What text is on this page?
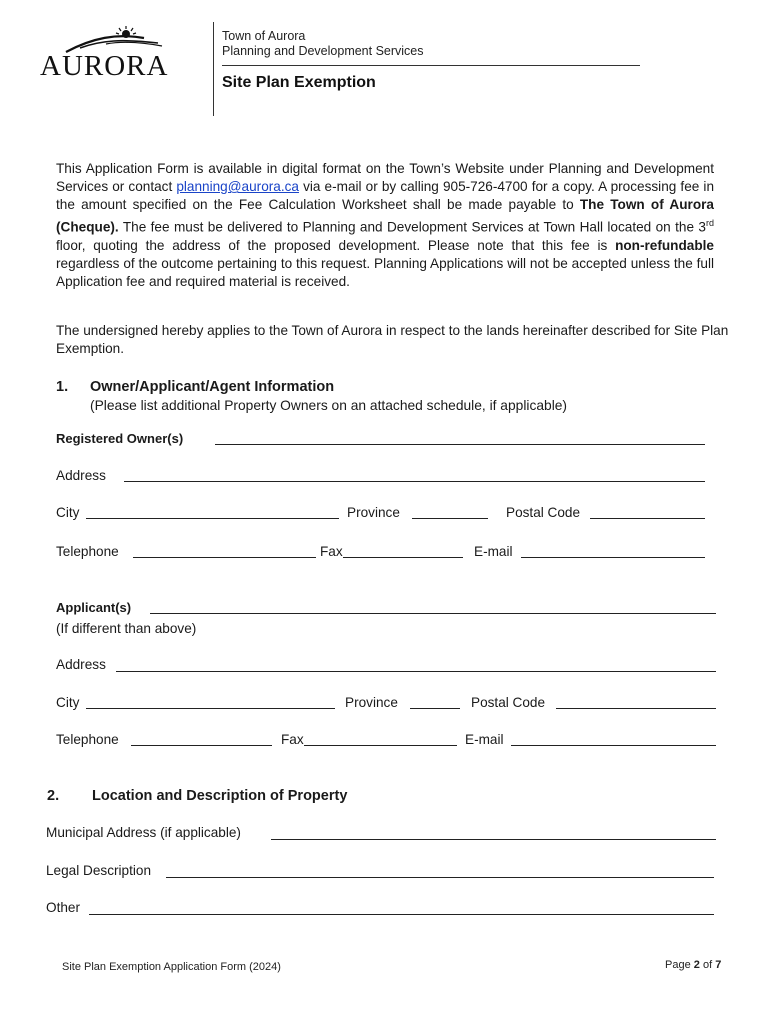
AURORA
Town of Aurora
Planning and Development Services
Site Plan Exemption
This Application Form is available in digital format on the Town’s Website under Planning and Development Services or contact planning@aurora.ca via e-mail or by calling 905-726-4700 for a copy. A processing fee in the amount specified on the Fee Calculation Worksheet shall be made payable to The Town of Aurora (Cheque). The fee must be delivered to Planning and Development Services at Town Hall located on the 3rd floor, quoting the address of the proposed development. Please note that this fee is non-refundable regardless of the outcome pertaining to this request. Planning Applications will not be accepted unless the full Application fee and required material is received.
The undersigned hereby applies to the Town of Aurora in respect to the lands hereinafter described for Site Plan Exemption.
1. Owner/Applicant/Agent Information
(Please list additional Property Owners on an attached schedule, if applicable)
Registered Owner(s)
Address
City	Province	Postal Code
Telephone	Fax	E-mail
Applicant(s)
(If different than above)
Address
City	Province	Postal Code
Telephone	Fax	E-mail
2. Location and Description of Property
Municipal Address (if applicable)
Legal Description
Other
Site Plan Exemption Application Form (2024)	Page 2 of 7
